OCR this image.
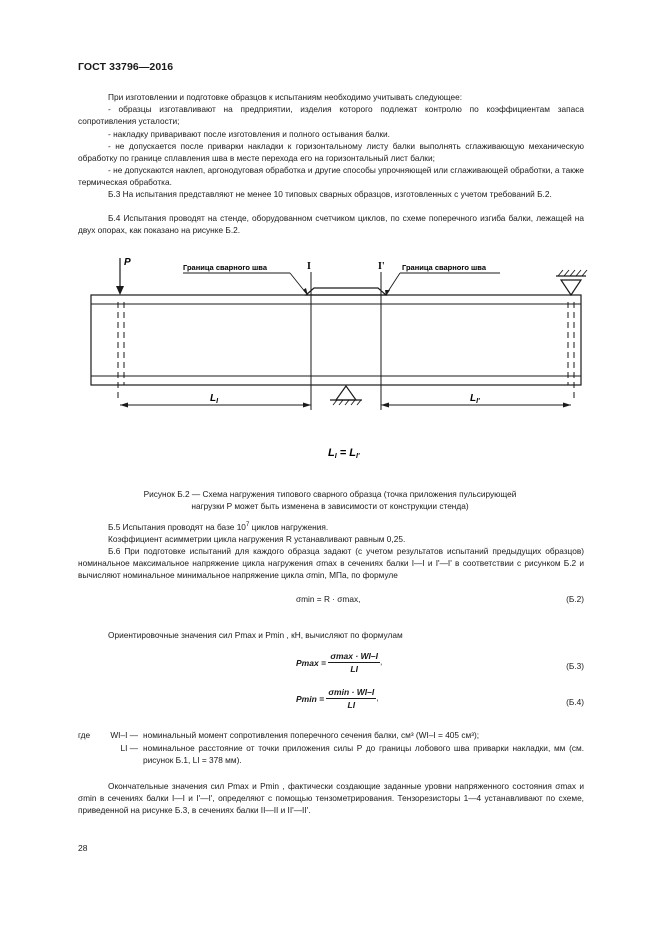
ГОСТ 33796—2016
При изготовлении и подготовке образцов к испытаниям необходимо учитывать следующее:
- образцы изготавливают на предприятии, изделия которого подлежат контролю по коэффициентам запаса сопротивления усталости;
- накладку приваривают после изготовления и полного остывания балки.
- не допускается после приварки накладки к горизонтальному листу балки выполнять сглаживающую механическую обработку по границе сплавления шва в месте перехода его на горизонтальный лист балки;
- не допускаются наклеп, аргонодуговая обработка и другие способы упрочняющей или сглаживающей обработки, а также термическая обработка.
Б.3 На испытания представляют не менее 10 типовых сварных образцов, изготовленных с учетом требований Б.2.
Б.4 Испытания проводят на стенде, оборудованном счетчиком циклов, по схеме поперечного изгиба балки, лежащей на двух опорах, как показано на рисунке Б.2.
P	I	I'
Граница сварного шва	Граница сварного шва
$L_I$	$L_{I'}$
LI = LI'
Рисунок Б.2 — Схема нагружения типового сварного образца (точка приложения пульсирующей
нагрузки P может быть изменена в зависимости от конструкции стенда)
Б.5 Испытания проводят на базе $10^7$ циклов нагружения.
Коэффициент асимметрии цикла нагружения R устанавливают равным 0,25.
Б.6 При подготовке испытаний для каждого образца задают (с учетом результатов испытаний предыдущих образцов) номинальное максимальное напряжение цикла нагружения σmax в сечениях балки I—I и I'—I' в соответствии с рисунком Б.2 и вычисляют номинальное минимальное напряжение цикла σmin, МПа, по формуле
σmin = R · σmax,	(Б.2)
Ориентировочные значения сил Pmax и Pmin , кН, вычисляют по формулам
$Pmax = \frac{\sigma\max \cdot WI-I}{LI}$ ,	(Б.3)
$Pmin = \frac{\sigma\min \cdot WI-I}{LI}$ ,	(Б.4)
где	WI–I — номинальный момент сопротивления поперечного сечения балки, см³ (WI–I = 405 см³);
LI — номинальное расстояние от точки приложения силы P до границы лобового шва приварки накладки, мм (см. рисунок Б.1, LI = 378 мм).
Окончательные значения сил Pmax и Pmin , фактически создающие заданные уровни напряженного состояния σmax и σmin в сечениях балки I—I и I'—I', определяют с помощью тензометрирования. Тензорезисторы 1—4 устанавливают по схеме, приведенной на рисунке Б.3, в сечениях балки II—II и II'—II'.
28
